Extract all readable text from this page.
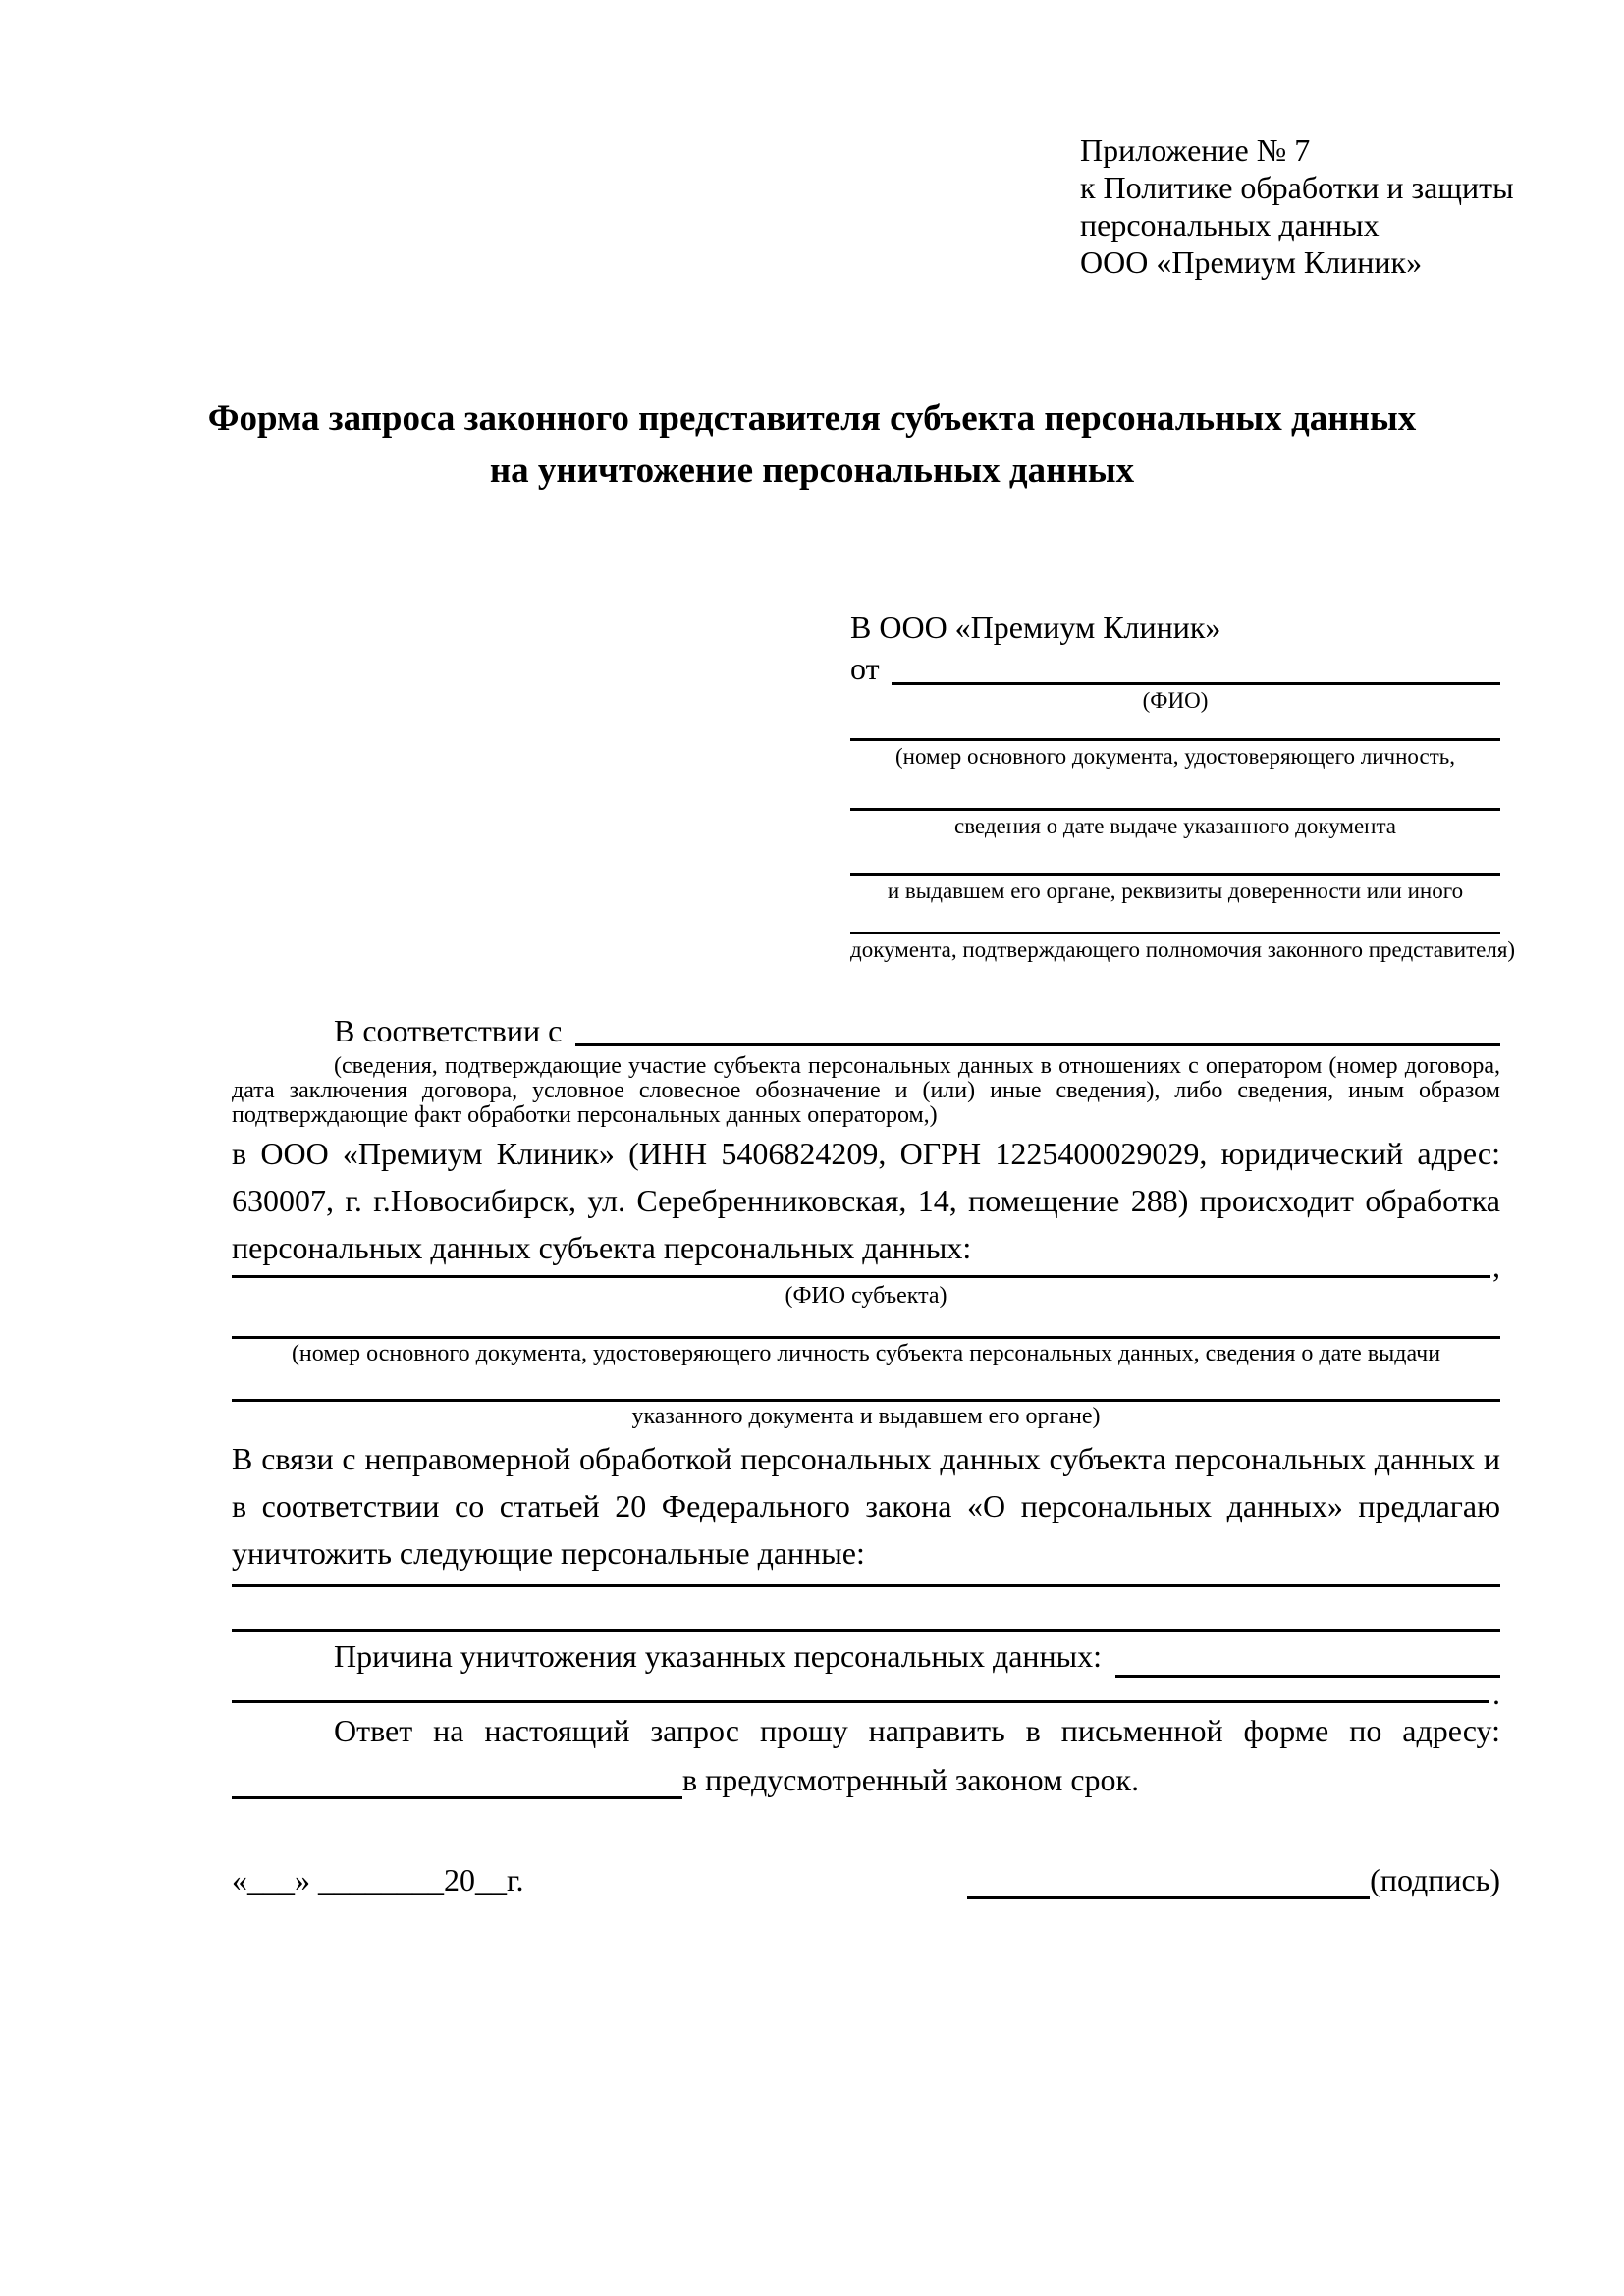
Приложение № 7
к Политике обработки и защиты
персональных данных
ООО «Премиум Клиник»
Форма запроса законного представителя субъекта персональных данных
на уничтожение персональных данных
В ООО «Премиум Клиник»
от
(ФИО)
(номер основного документа, удостоверяющего личность,
сведения о дате выдаче указанного документа
и выдавшем его органе, реквизиты доверенности или иного
документа, подтверждающего полномочия законного представителя)
В соответствии с
(сведения, подтверждающие участие субъекта персональных данных в отношениях с оператором (номер договора, дата заключения договора, условное словесное обозначение и (или) иные сведения), либо сведения, иным образом подтверждающие факт обработки персональных данных оператором,)
в ООО «Премиум Клиник» (ИНН 5406824209, ОГРН 1225400029029, юридический адрес: 630007, г. г.Новосибирск, ул. Серебренниковская, 14, помещение 288) происходит обработка персональных данных субъекта персональных данных:
,
(ФИО субъекта)
(номер основного документа, удостоверяющего личность субъекта персональных данных, сведения о дате выдачи
указанного документа и выдавшем его органе)
В связи с неправомерной обработкой персональных данных субъекта персональных данных и в соответствии со статьей 20 Федерального закона «О персональных данных» предлагаю уничтожить следующие персональные данные:
Причина уничтожения указанных персональных данных:
.
Ответ на настоящий запрос прошу направить в письменной форме по адресу:
в предусмотренный законом срок.
«___» ________20__г.	(подпись)
